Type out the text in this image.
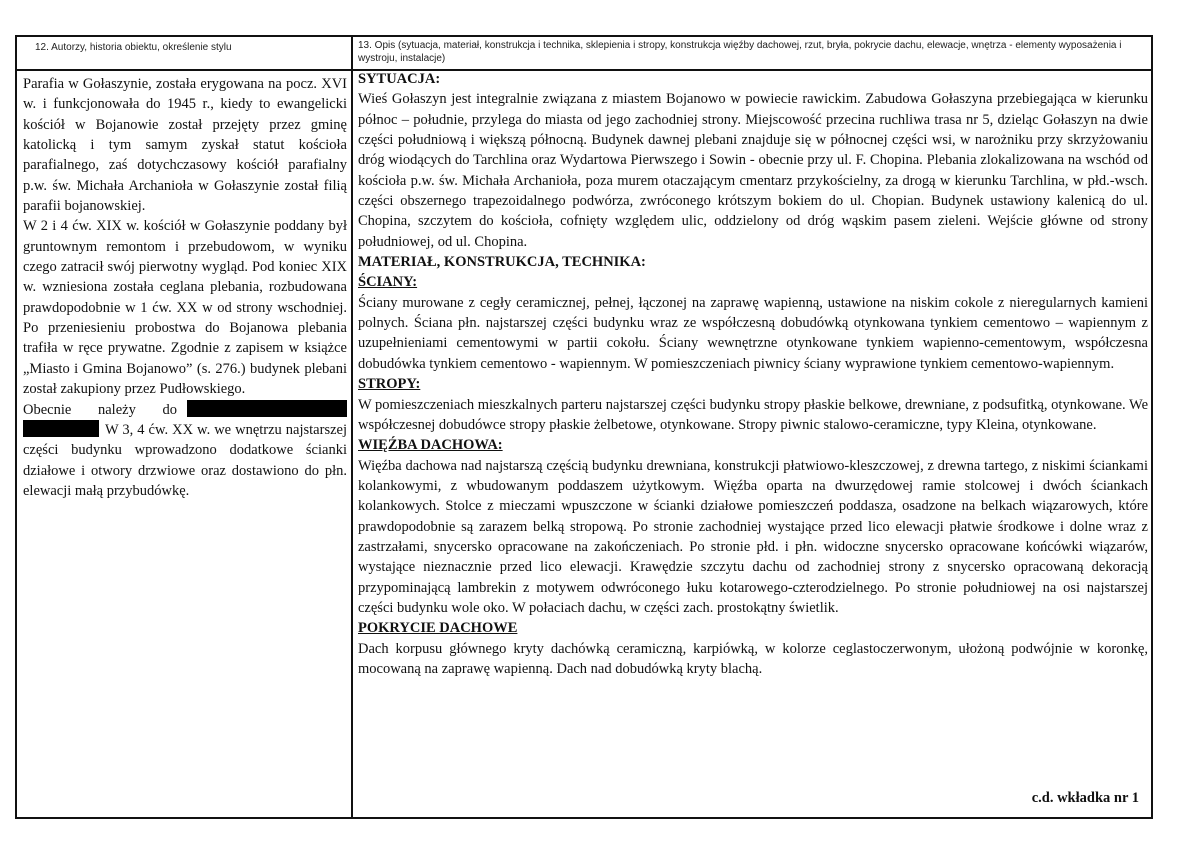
12. Autorzy, historia obiektu, określenie stylu	13. Opis (sytuacja, materiał, konstrukcja i technika, sklepienia i stropy, konstrukcja więźby dachowej, rzut, bryła, pokrycie dachu, elewacje, wnętrza - elementy wyposażenia i wystroju, instalacje)

Parafia w Gołaszynie, została erygowana na pocz. XVI w. i funkcjonowała do 1945 r., kiedy to ewangelicki kościół w Bojanowie został przejęty przez gminę katolicką i tym samym zyskał statut kościoła parafialnego, zaś dotychczasowy kościół parafialny p.w. św. Michała Archanioła w Gołaszynie został filią parafii bojanowskiej.

W 2 i 4 ćw. XIX w. kościół w Gołaszynie poddany był gruntownym remontom i przebudowom, w wyniku czego zatracił swój pierwotny wygląd. Pod koniec XIX w. wzniesiona została ceglana plebania, rozbudowana prawdopodobnie w 1 ćw. XX w od strony wschodniej. Po przeniesieniu probostwa do Bojanowa plebania trafiła w ręce prywatne. Zgodnie z zapisem w książce „Miasto i Gmina Bojanowo” (s. 276.) budynek plebani został zakupiony przez Pudłowskiego.

Obecnie należy do W 3, 4 ćw. XX w. we wnętrzu najstarszej części budynku wprowadzono dodatkowe ścianki działowe i otwory drzwiowe oraz dostawiono do płn. elewacji małą przybudówkę.

SYTUACJA:

Wieś Gołaszyn jest integralnie związana z miastem Bojanowo w powiecie rawickim. Zabudowa Gołaszyna przebiegająca w kierunku północ – południe, przylega do miasta od jego zachodniej strony. Miejscowość przecina ruchliwa trasa nr 5, dzieląc Gołaszyn na dwie części południową i większą północną. Budynek dawnej plebani znajduje się w północnej części wsi, w narożniku przy skrzyżowaniu dróg wiodących do Tarchlina oraz Wydartowa Pierwszego i Sowin - obecnie przy ul. F. Chopina. Plebania zlokalizowana na wschód od kościoła p.w. św. Michała Archanioła, poza murem otaczającym cmentarz przykościelny, za drogą w kierunku Tarchlina, w płd.-wsch. części obszernego trapezoidalnego podwórza, zwróconego krótszym bokiem do ul. Chopian. Budynek ustawiony kalenicą do ul. Chopina, szczytem do kościoła, cofnięty względem ulic, oddzielony od dróg wąskim pasem zieleni. Wejście główne od strony południowej, od ul. Chopina.

MATERIAŁ, KONSTRUKCJA, TECHNIKA:

ŚCIANY:

Ściany murowane z cegły ceramicznej, pełnej, łączonej na zaprawę wapienną, ustawione na niskim cokole z nieregularnych kamieni polnych. Ściana płn. najstarszej części budynku wraz ze współczesną dobudówką otynkowana tynkiem cementowo – wapiennym z uzupełnieniami cementowymi w partii cokołu. Ściany wewnętrzne otynkowane tynkiem wapienno-cementowym, współczesna dobudówka tynkiem cementowo - wapiennym. W pomieszczeniach piwnicy ściany wyprawione tynkiem cementowo-wapiennym.

STROPY:

W pomieszczeniach mieszkalnych parteru najstarszej części budynku stropy płaskie belkowe, drewniane, z podsufitką, otynkowane. We współczesnej dobudówce stropy płaskie żelbetowe, otynkowane. Stropy piwnic stalowo-ceramiczne, typy Kleina, otynkowane.

WIĘŹBA DACHOWA:

Więźba dachowa nad najstarszą częścią budynku drewniana, konstrukcji płatwiowo-kleszczowej, z drewna tartego, z niskimi ściankami kolankowymi, z wbudowanym poddaszem użytkowym. Więźba oparta na dwurzędowej ramie stolcowej i dwóch ściankach kolankowych. Stolce z mieczami wpuszczone w ścianki działowe pomieszczeń poddasza, osadzone na belkach wiązarowych, które prawdopodobnie są zarazem belką stropową. Po stronie zachodniej wystające przed lico elewacji płatwie środkowe i dolne wraz z zastrzałami, snycersko opracowane na zakończeniach. Po stronie płd. i płn. widoczne snycersko opracowane końcówki wiązarów, wystające nieznacznie przed lico elewacji. Krawędzie szczytu dachu od zachodniej strony z snycersko opracowaną dekoracją przypominającą lambrekin z motywem odwróconego łuku kotarowego-czterodzielnego. Po stronie południowej na osi najstarszej części budynku wole oko. W połaciach dachu, w części zach. prostokątny świetlik.

POKRYCIE DACHOWE

Dach korpusu głównego kryty dachówką ceramiczną, karpiówką, w kolorze ceglastoczerwonym, ułożoną podwójnie w koronkę, mocowaną na zaprawę wapienną. Dach nad dobudówką kryty blachą.

c.d. wkładka nr 1
